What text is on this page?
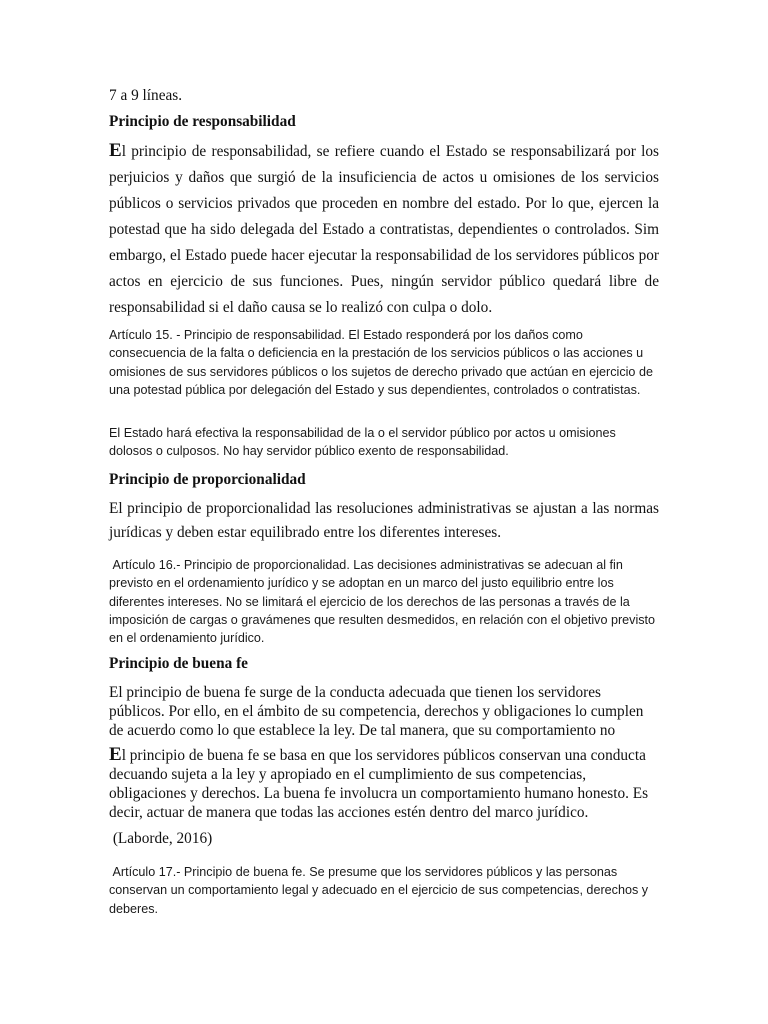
7 a 9 líneas.

Principio de responsabilidad

El principio de responsabilidad, se refiere cuando el Estado se responsabilizará por los perjuicios y daños que surgió de la insuficiencia de actos u omisiones de los servicios públicos o servicios privados que proceden en nombre del estado. Por lo que, ejercen la potestad que ha sido delegada del Estado a contratistas, dependientes o controlados. Sim embargo, el Estado puede hacer ejecutar la responsabilidad de los servidores públicos por actos en ejercicio de sus funciones. Pues, ningún servidor público quedará libre de responsabilidad si el daño causa se lo realizó con culpa o dolo.

Artículo 15. - Principio de responsabilidad. El Estado responderá por los daños como consecuencia de la falta o deficiencia en la prestación de los servicios públicos o las acciones u omisiones de sus servidores públicos o los sujetos de derecho privado que actúan en ejercicio de una potestad pública por delegación del Estado y sus dependientes, controlados o contratistas.

El Estado hará efectiva la responsabilidad de la o el servidor público por actos u omisiones dolosos o culposos. No hay servidor público exento de responsabilidad.

Principio de proporcionalidad

El principio de proporcionalidad las resoluciones administrativas se ajustan a las normas jurídicas y deben estar equilibrado entre los diferentes intereses.

Artículo 16.- Principio de proporcionalidad. Las decisiones administrativas se adecuan al fin previsto en el ordenamiento jurídico y se adoptan en un marco del justo equilibrio entre los diferentes intereses. No se limitará el ejercicio de los derechos de las personas a través de la imposición de cargas o gravámenes que resulten desmedidos, en relación con el objetivo previsto en el ordenamiento jurídico.

Principio de buena fe

El principio de buena fe surge de la conducta adecuada que tienen los servidores públicos. Por ello, en el ámbito de su competencia, derechos y obligaciones lo cumplen de acuerdo como lo que establece la ley. De tal manera, que su comportamiento no

El principio de buena fe se basa en que los servidores públicos conservan una conducta decuando sujeta a la ley y apropiado en el cumplimiento de sus competencias, obligaciones y derechos. La buena fe involucra un comportamiento humano honesto. Es decir, actuar de manera que todas las acciones estén dentro del marco jurídico.

(Laborde, 2016)

Artículo 17.- Principio de buena fe. Se presume que los servidores públicos y las personas conservan un comportamiento legal y adecuado en el ejercicio de sus competencias, derechos y deberes.
